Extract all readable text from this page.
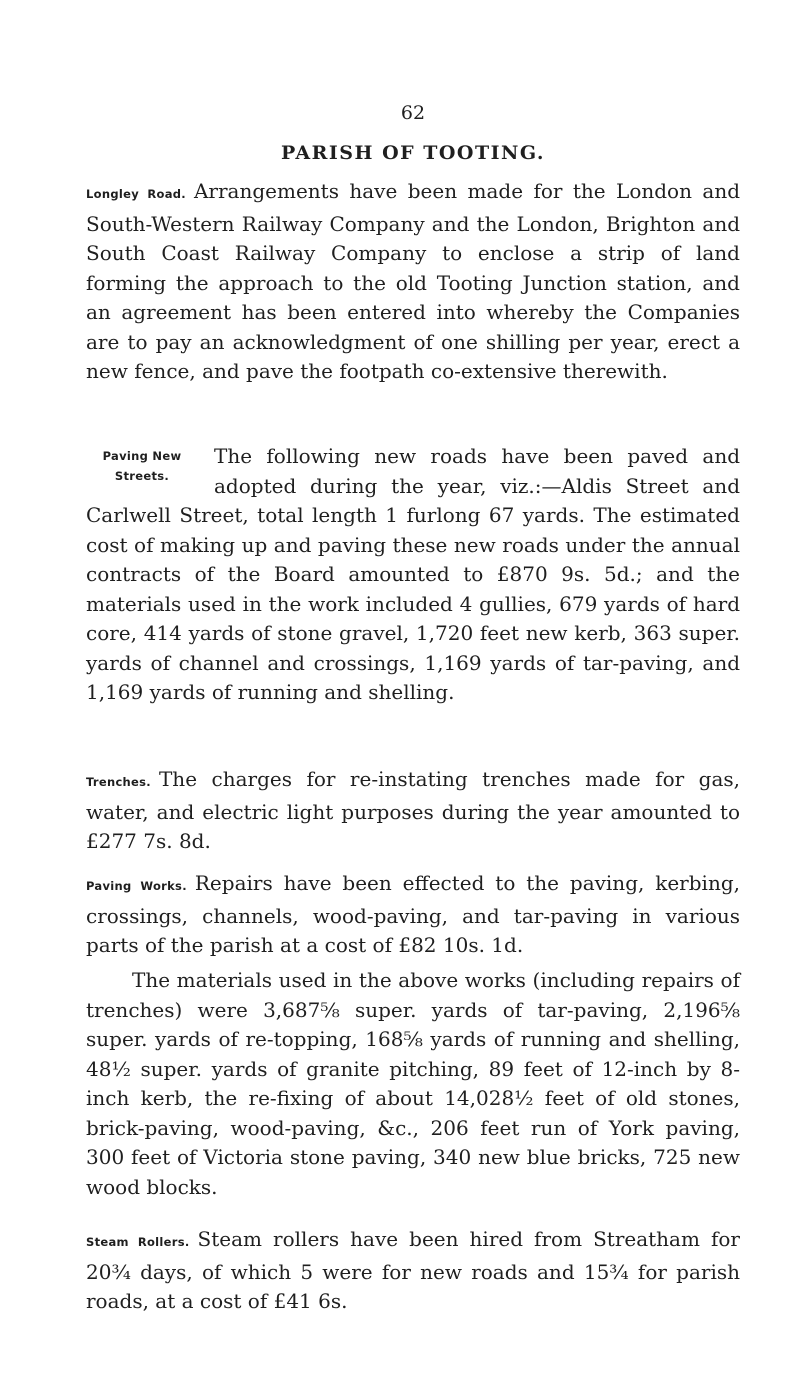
62
PARISH OF TOOTING.
Longley Road. Arrangements have been made for the London and South-Western Railway Company and the London, Brighton and South Coast Railway Company to enclose a strip of land forming the approach to the old Tooting Junction station, and an agreement has been entered into whereby the Companies are to pay an acknowledgment of one shilling per year, erect a new fence, and pave the footpath co-extensive therewith.
Paving New Streets.
The following new roads have been paved and adopted during the year, viz.:—Aldis Street and Carlwell Street, total length 1 furlong 67 yards. The estimated cost of making up and paving these new roads under the annual contracts of the Board amounted to £870 9s. 5d.; and the materials used in the work included 4 gullies, 679 yards of hard core, 414 yards of stone gravel, 1,720 feet new kerb, 363 super. yards of channel and crossings, 1,169 yards of tar-paving, and 1,169 yards of running and shelling.
Trenches. The charges for re-instating trenches made for gas, water, and electric light purposes during the year amounted to £277 7s. 8d.
Paving Works. Repairs have been effected to the paving, kerbing, crossings, channels, wood-paving, and tar-paving in various parts of the parish at a cost of £82 10s. 1d.
The materials used in the above works (including repairs of trenches) were 3,687⅝ super. yards of tar-paving, 2,196⅝ super. yards of re-topping, 168⅝ yards of running and shelling, 48½ super. yards of granite pitching, 89 feet of 12-inch by 8-inch kerb, the re-fixing of about 14,028½ feet of old stones, brick-paving, wood-paving, &c., 206 feet run of York paving, 300 feet of Victoria stone paving, 340 new blue bricks, 725 new wood blocks.
Steam Rollers. Steam rollers have been hired from Streatham for 20¾ days, of which 5 were for new roads and 15¾ for parish roads, at a cost of £41 6s.
